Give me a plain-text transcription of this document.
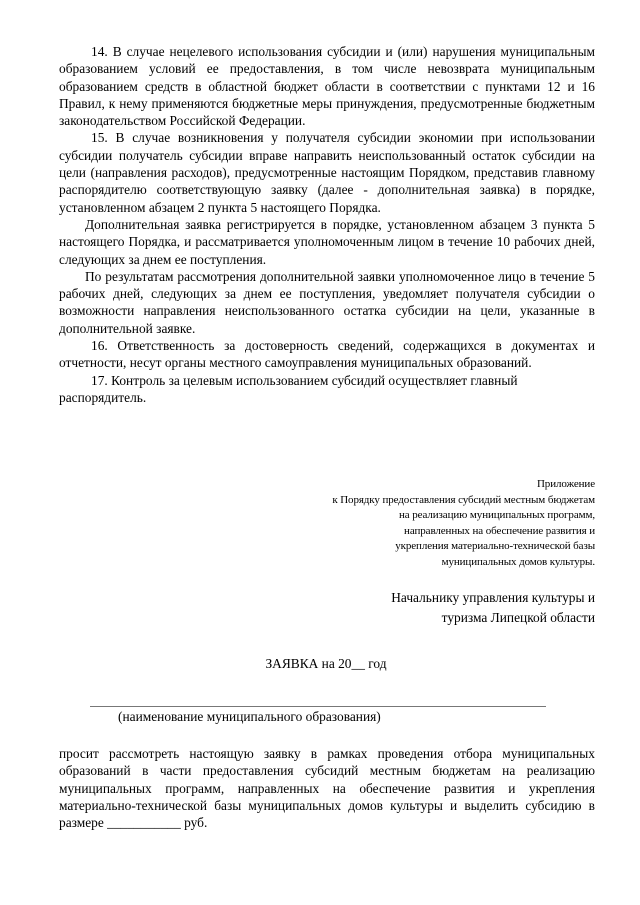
14. В случае нецелевого использования субсидии и (или) нарушения муниципальным образованием условий ее предоставления, в том числе невозврата муниципальным образованием средств в областной бюджет области в соответствии с пунктами 12 и 16 Правил, к нему применяются бюджетные меры принуждения, предусмотренные бюджетным законодательством Российской Федерации.

15. В случае возникновения у получателя субсидии экономии при использовании субсидии получатель субсидии вправе направить неиспользованный остаток субсидии на цели (направления расходов), предусмотренные настоящим Порядком, представив главному распорядителю соответствующую заявку (далее - дополнительная заявка) в порядке, установленном абзацем 2 пункта 5 настоящего Порядка.

Дополнительная заявка регистрируется в порядке, установленном абзацем 3 пункта 5 настоящего Порядка, и рассматривается уполномоченным лицом в течение 10 рабочих дней, следующих за днем ее поступления.

По результатам рассмотрения дополнительной заявки уполномоченное лицо в течение 5 рабочих дней, следующих за днем ее поступления, уведомляет получателя субсидии о возможности направления неиспользованного остатка субсидии на цели, указанные в дополнительной заявке.

16. Ответственность за достоверность сведений, содержащихся в документах и отчетности, несут органы местного самоуправления муниципальных образований.

17. Контроль за целевым использованием субсидий осуществляет главный распорядитель.

Приложение
к Порядку предоставления субсидий местным бюджетам
на реализацию муниципальных программ,
направленных на обеспечение развития и
укрепления материально-технической базы
муниципальных домов культуры.
Начальнику управления культуры и
туризма Липецкой области
ЗАЯВКА на 20__ год
(наименование муниципального образования)

просит рассмотреть настоящую заявку в рамках проведения отбора муниципальных образований в части предоставления субсидий местным бюджетам на реализацию муниципальных программ, направленных на обеспечение развития и укрепления материально-технической базы муниципальных домов культуры и выделить субсидию в размере ___________ руб.
